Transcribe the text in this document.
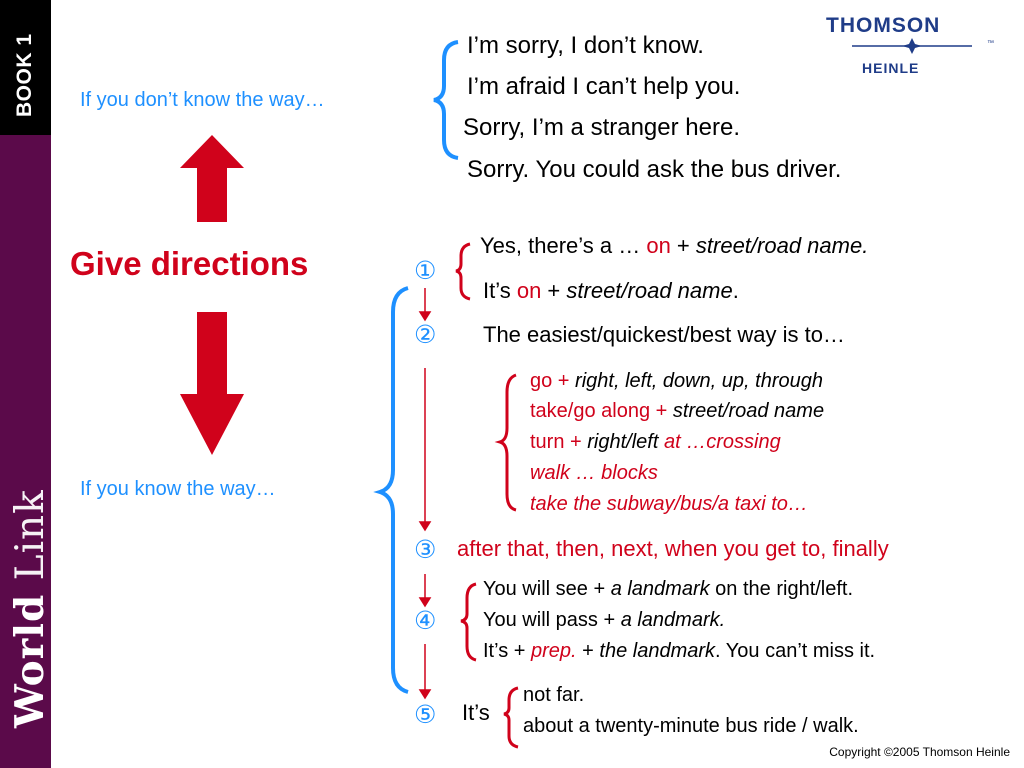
BOOK 1
World Link
THOMSON
HEINLE
™
Give directions
If you don’t know the way…
I’m sorry, I don’t know.
I’m afraid I can’t help you.
Sorry, I’m a stranger here.
Sorry. You could ask the bus driver.
If you know the way…
①
Yes, there’s a … on + street/road name.
It’s on + street/road name.
② The easiest/quickest/best way is to…
go + right, left, down, up, through
take/go along + street/road name
turn + right/left at …crossing
walk … blocks
take the subway/bus/a taxi to…
③ after that, then, next, when you get to, finally
④
You will see + a landmark on the right/left.
You will pass + a landmark.
It’s + prep. + the landmark. You can’t miss it.
⑤ It’s
not far.
about a twenty-minute bus ride / walk.
Copyright ©2005 Thomson Heinle
